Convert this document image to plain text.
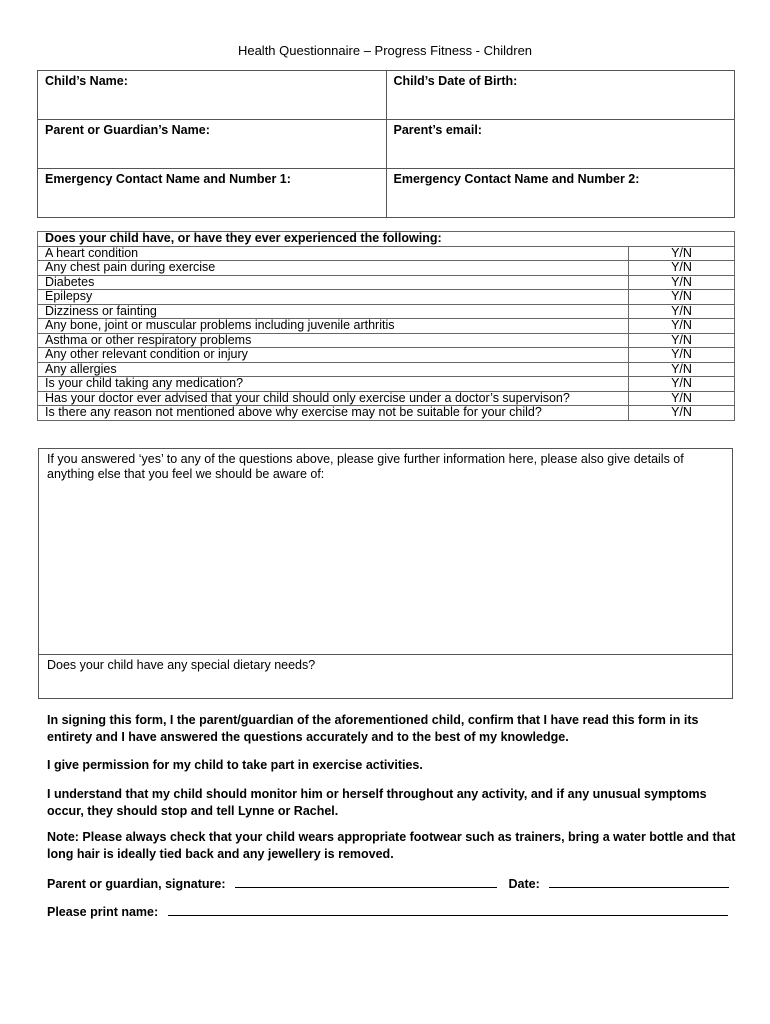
Health Questionnaire – Progress Fitness - Children
Child’s Name:	Child’s Date of Birth:
Parent or Guardian’s Name:	Parent’s email:
Emergency Contact Name and Number 1:	Emergency Contact Name and Number 2:
Does your child have, or have they ever experienced the following:	
A heart condition	Y/N
Any chest pain during exercise	Y/N
Diabetes	Y/N
Epilepsy	Y/N
Dizziness or fainting	Y/N
Any bone, joint or muscular problems including juvenile arthritis	Y/N
Asthma or other respiratory problems	Y/N
Any other relevant condition or injury	Y/N
Any allergies	Y/N
Is your child taking any medication?	Y/N
Has your doctor ever advised that your child should only exercise under a doctor’s supervison?	Y/N
Is there any reason not mentioned above why exercise may not be suitable for your child?	Y/N
If you answered ‘yes’ to any of the questions above, please give further information here, please also give details of anything else that you feel we should be aware of:
Does your child have any special dietary needs?
In signing this form, I the parent/guardian of the aforementioned child, confirm that I have read this form in its entirety and I have answered the questions accurately and to the best of my knowledge.
I give permission for my child to take part in exercise activities.
I understand that my child should monitor him or herself throughout any activity, and if any unusual symptoms occur, they should stop and tell Lynne or Rachel.
Note: Please always check that your child wears appropriate footwear such as trainers, bring a water bottle and that long hair is ideally tied back and any jewellery is removed.
Parent or guardian, signature:	Date:
Please print name:
